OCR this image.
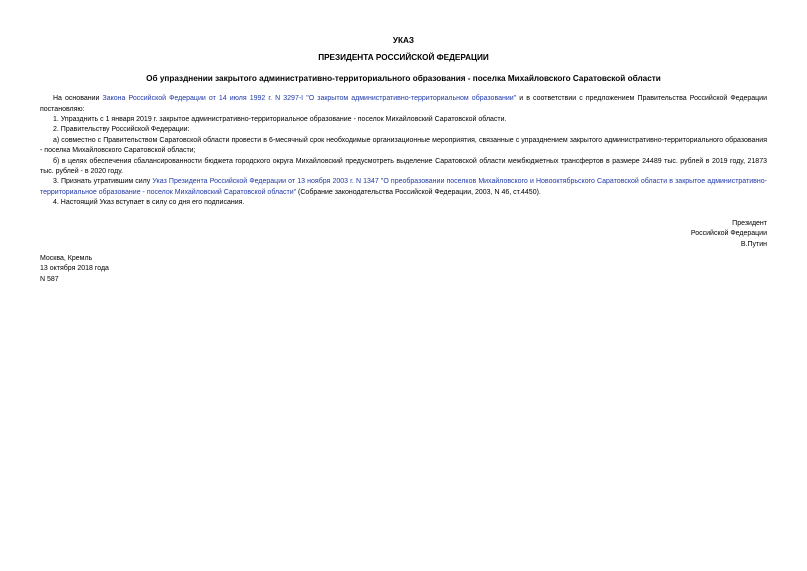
УКАЗ
ПРЕЗИДЕНТА РОССИЙСКОЙ ФЕДЕРАЦИИ
Об упразднении закрытого административно-территориального образования - поселка Михайловского Саратовской области

На основании Закона Российской Федерации от 14 июля 1992 г. N 3297-I "О закрытом административно-территориальном образовании" и в соответствии с предложением Правительства Российской Федерации постановляю:

1. Упразднить с 1 января 2019 г. закрытое административно-территориальное образование - поселок Михайловский Саратовской области.

2. Правительству Российской Федерации:

а) совместно с Правительством Саратовской области провести в 6-месячный срок необходимые организационные мероприятия, связанные с упразднением закрытого административно-территориального образования - поселка Михайловского Саратовской области;

б) в целях обеспечения сбалансированности бюджета городского округа Михайловский предусмотреть выделение Саратовской области межбюджетных трансфертов в размере 24489 тыс. рублей в 2019 году, 21873 тыс. рублей - в 2020 году.

3. Признать утратившим силу Указ Президента Российской Федерации от 13 ноября 2003 г. N 1347 "О преобразовании поселков Михайловского и Новооктябрьского Саратовской области в закрытое административно-территориальное образование - поселок Михайловский Саратовской области" (Собрание законодательства Российской Федерации, 2003, N 46, ст.4450).

4. Настоящий Указ вступает в силу со дня его подписания.

Президент
Российской Федерации
В.Путин
Москва, Кремль
13 октября 2018 года
N 587
